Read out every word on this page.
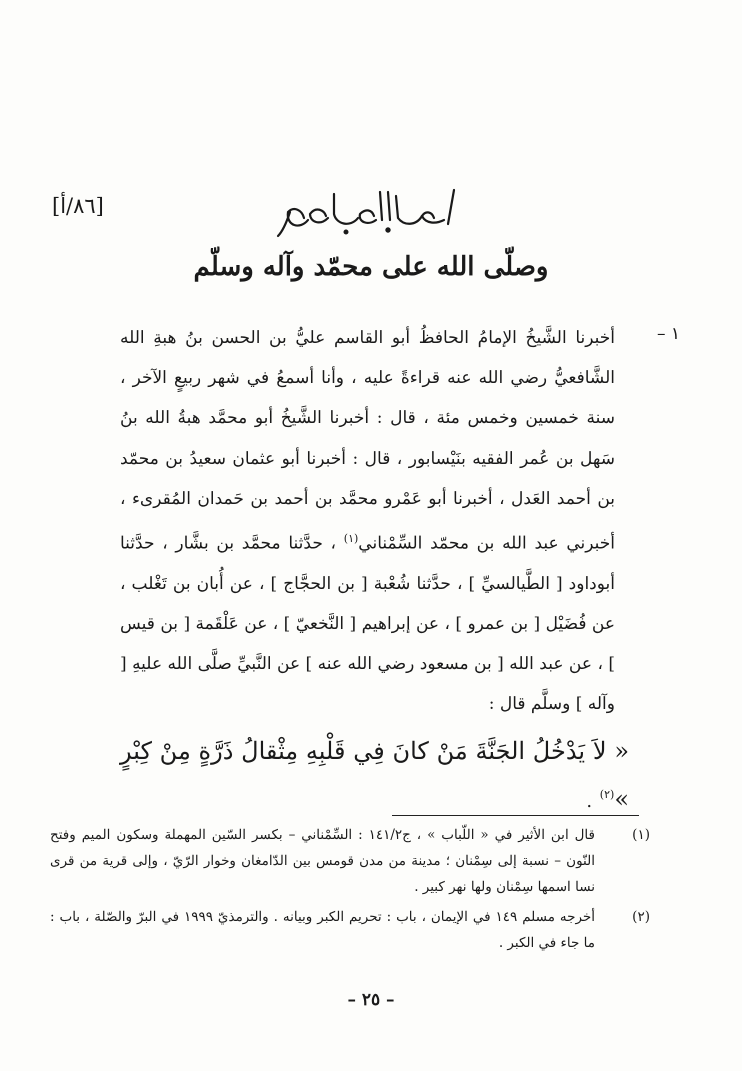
[٨٦/أ]
وصلّى الله على محمّد وآله وسلّم
١ –
أخبرنا الشَّيخُ الإمامُ الحافظُ أبو القاسم عليُّ بن الحسن بنُ هبةِ الله الشَّافعيُّ رضي الله عنه قراءةً عليه ، وأنا أسمعُ في شهر ربيعٍ الآخر ، سنة خمسين وخمس مئة ، قال : أخبرنا الشَّيخُ أبو محمَّد هبةُ الله بنُ سَهل بن عُمر الفقيه بنَيْسابور ، قال : أخبرنا أبو عثمان سعيدُ بن محمّد بن أحمد العَدل ، أخبرنا أبو عَمْرو محمَّد بن أحمد بن حَمدان المُقرىء ، أخبرني عبد الله بن محمّد السِّمْناني$^{(١)}$ ، حدَّثنا محمَّد بن بشَّار ، حدَّثنا أبوداود [ الطَّيالسيِّ ] ، حدَّثنا شُعْبة [ بن الحجَّاج ] ، عن أُبان بن تَغْلب ، عن فُضَيْل [ بن عمرو ] ، عن إبراهيم [ النَّخعيّ ] ، عن عَلْقَمة [ بن قيس ] ، عن عبد الله [ بن مسعود رضي الله عنه ] عن النَّبيِّ صلَّى الله عليهِ [ وآله ] وسلَّم قال :
« لاَ يَدْخُلُ الجَنَّةَ مَنْ كانَ فِي قَلْبِهِ مِثْقالُ ذَرَّةٍ مِنْ كِبْرٍ »$^{(٢)}$ .
(١)
قال ابن الأثير في « اللّباب » ، ج١٤١/٢ : السِّمْناني – بكسر السّين المهملة وسكون الميم وفتح النّون – نسبة إلى سِمْنان ؛ مدينة من مدن قومس بين الدّامغان وخوار الرّيّ ، وإلى قرية من قرى نسا اسمها سِمْنان ولها نهر كبير .
(٢)
أخرجه مسلم ١٤٩ في الإيمان ، باب : تحريم الكبر وبيانه . والترمذيّ ١٩٩٩ في البرّ والصّلة ، باب : ما جاء في الكبر .
– ٢٥ –
